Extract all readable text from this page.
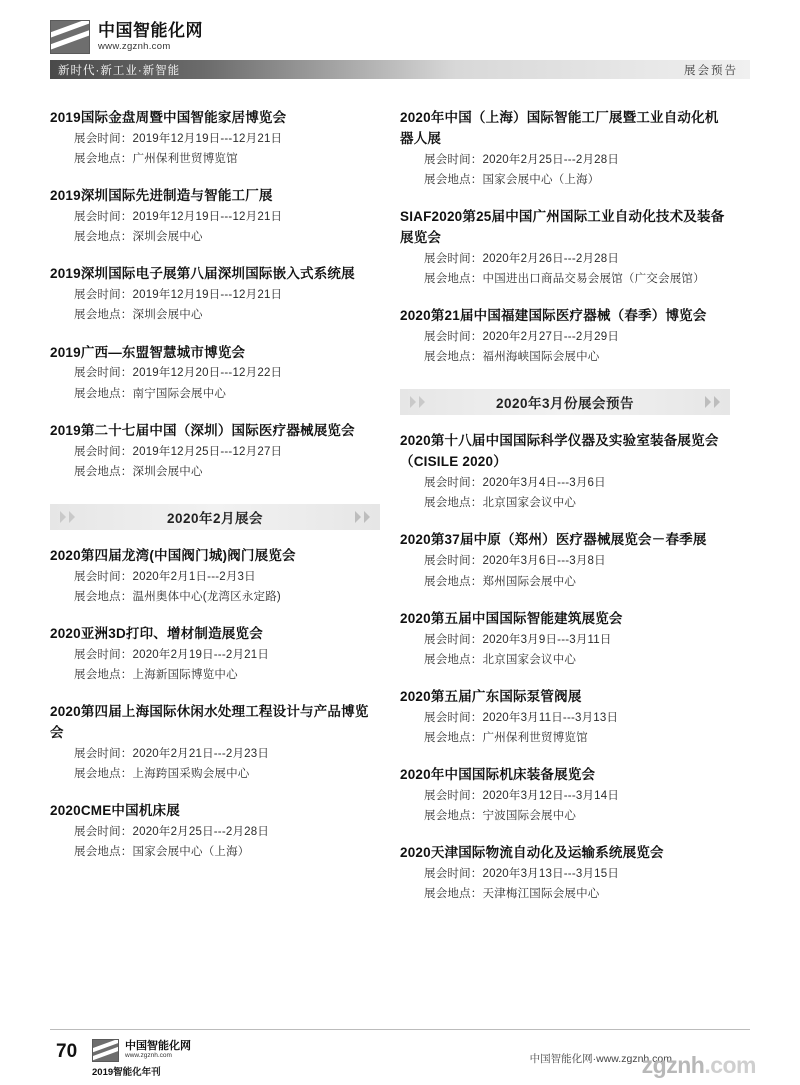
中国智能化网
www.zgznh.com
新时代·新工业·新智能	展会预告
2019国际金盘周暨中国智能家居博览会
展会时间：2019年12月19日---12月21日
展会地点：广州保利世贸博览馆
2019深圳国际先进制造与智能工厂展
展会时间：2019年12月19日---12月21日
展会地点：深圳会展中心
2019深圳国际电子展第八届深圳国际嵌入式系统展
展会时间：2019年12月19日---12月21日
展会地点：深圳会展中心
2019广西—东盟智慧城市博览会
展会时间：2019年12月20日---12月22日
展会地点：南宁国际会展中心
2019第二十七届中国（深圳）国际医疗器械展览会
展会时间：2019年12月25日---12月27日
展会地点：深圳会展中心
2020年2月展会
2020第四届龙湾(中国阀门城)阀门展览会
展会时间：2020年2月1日---2月3日
展会地点：温州奥体中心(龙湾区永定路)
2020亚洲3D打印、增材制造展览会
展会时间：2020年2月19日---2月21日
展会地点：上海新国际博览中心
2020第四届上海国际休闲水处理工程设计与产品博览会
展会时间：2020年2月21日---2月23日
展会地点：上海跨国采购会展中心
2020CME中国机床展
展会时间：2020年2月25日---2月28日
展会地点：国家会展中心（上海）
2020年中国（上海）国际智能工厂展暨工业自动化机器人展
展会时间：2020年2月25日---2月28日
展会地点：国家会展中心（上海）
SIAF2020第25届中国广州国际工业自动化技术及装备展览会
展会时间：2020年2月26日---2月28日
展会地点：中国进出口商品交易会展馆（广交会展馆）
2020第21届中国福建国际医疗器械（春季）博览会
展会时间：2020年2月27日---2月29日
展会地点：福州海峡国际会展中心
2020年3月份展会预告
2020第十八届中国国际科学仪器及实验室装备展览会（CISILE 2020）
展会时间：2020年3月4日---3月6日
展会地点：北京国家会议中心
2020第37届中原（郑州）医疗器械展览会－春季展
展会时间：2020年3月6日---3月8日
展会地点：郑州国际会展中心
2020第五届中国国际智能建筑展览会
展会时间：2020年3月9日---3月11日
展会地点：北京国家会议中心
2020第五届广东国际泵管阀展
展会时间：2020年3月11日---3月13日
展会地点：广州保利世贸博览馆
2020年中国国际机床装备展览会
展会时间：2020年3月12日---3月14日
展会地点：宁波国际会展中心
2020天津国际物流自动化及运输系统展览会
展会时间：2020年3月13日---3月15日
展会地点：天津梅江国际会展中心
70	中国智能化网
www.zgznh.com
2019智能化年刊
中国智能化网·www.zgznh.com
zgznh.com
